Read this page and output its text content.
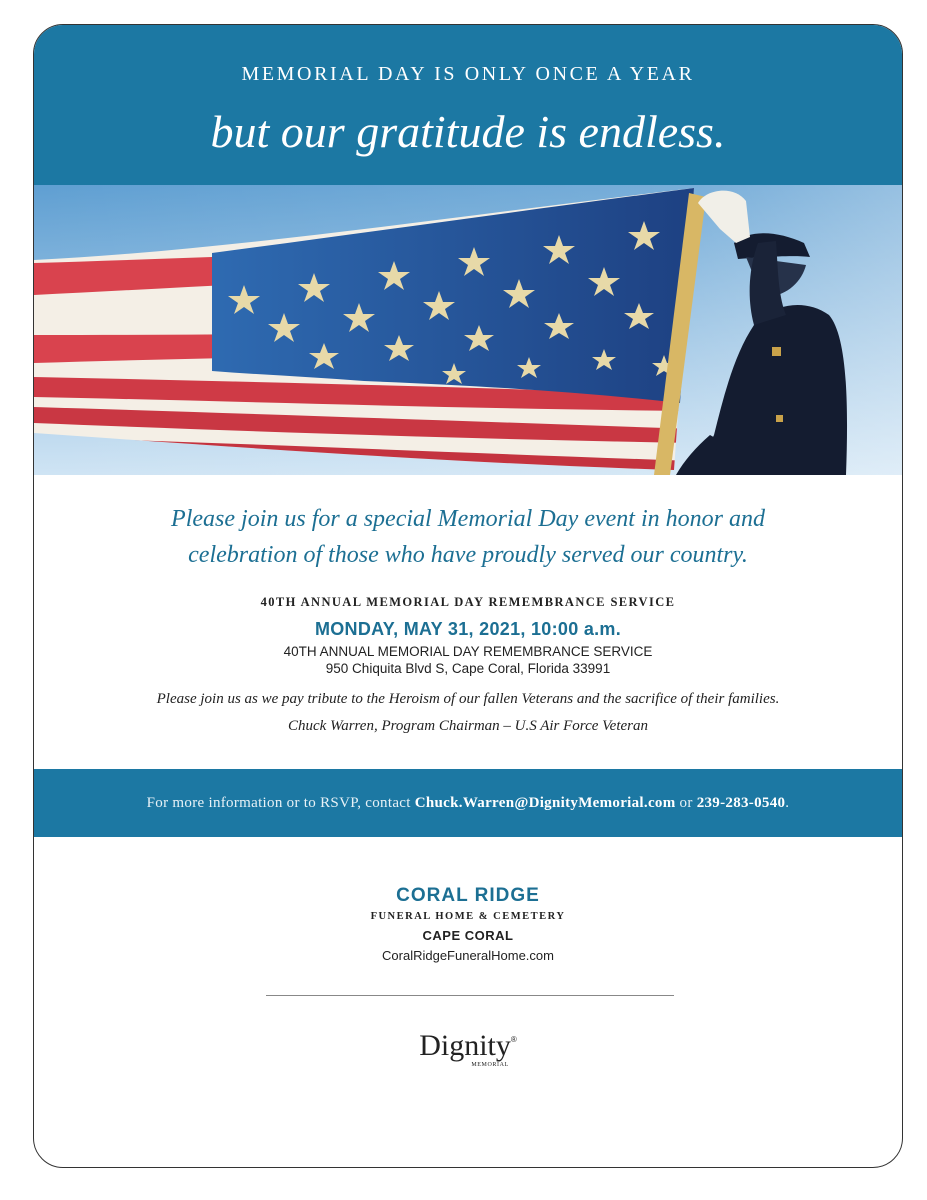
MEMORIAL DAY IS ONLY ONCE A YEAR
but our gratitude is endless.
Please join us for a special Memorial Day event in honor and
celebration of those who have proudly served our country.
40TH ANNUAL MEMORIAL DAY REMEMBRANCE SERVICE
MONDAY, MAY 31, 2021, 10:00 a.m.
40TH ANNUAL MEMORIAL DAY REMEMBRANCE SERVICE
950 Chiquita Blvd S, Cape Coral, Florida 33991
Please join us as we pay tribute to the Heroism of our fallen Veterans and the sacrifice of their families.
Chuck Warren, Program Chairman – U.S Air Force Veteran
For more information or to RSVP, contact Chuck.Warren@DignityMemorial.com or 239-283-0540.
CORAL RIDGE
FUNERAL HOME & CEMETERY
CAPE CORAL
CoralRidgeFuneralHome.com
Dignity®
MEMORIAL
